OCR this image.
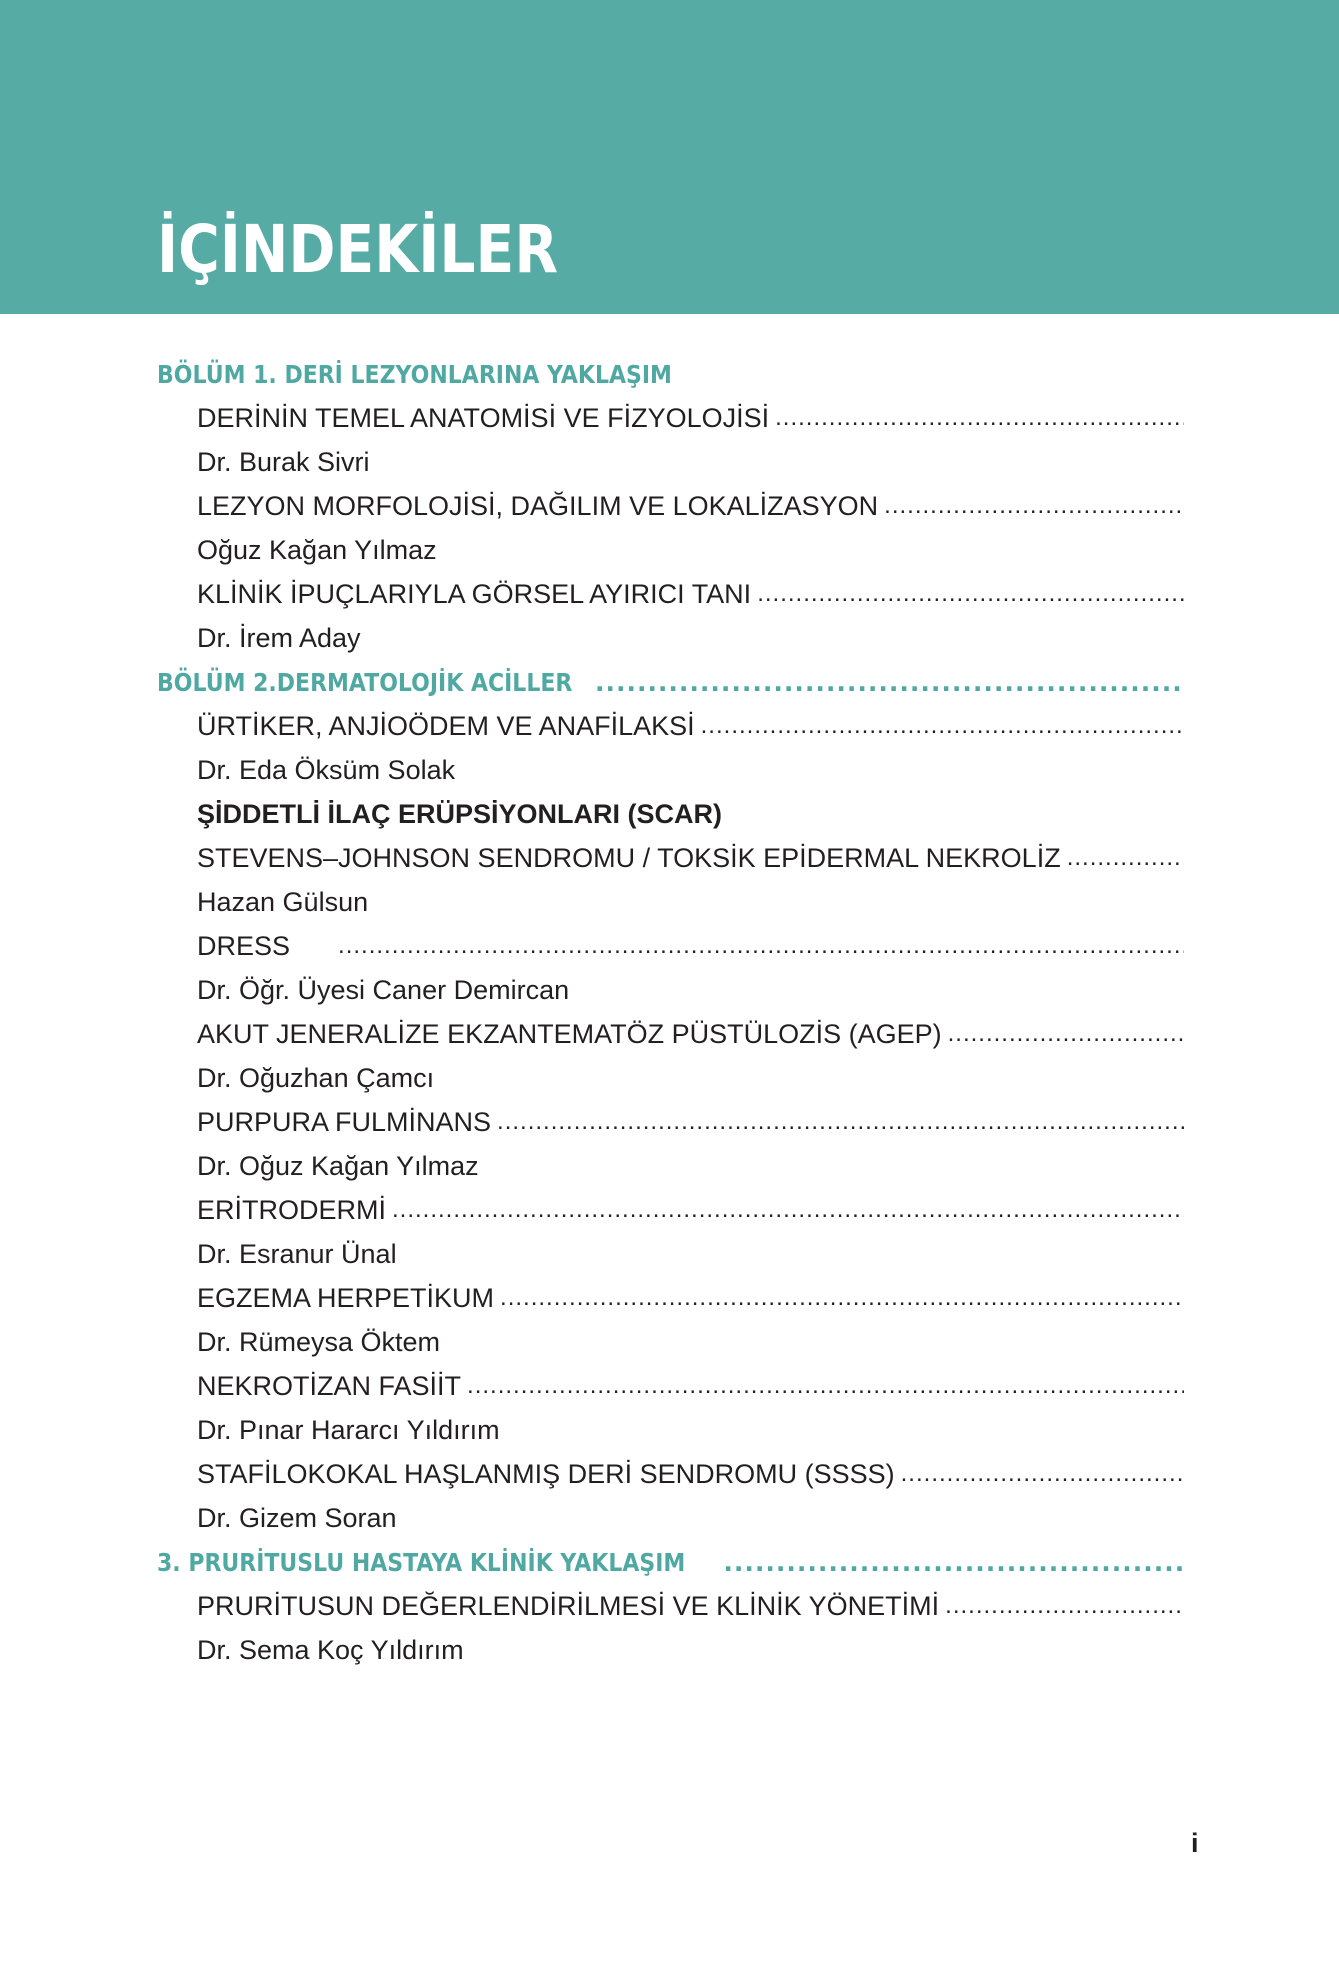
İÇİNDEKİLER
BÖLÜM 1. DERİ LEZYONLARINA YAKLAŞIM
DERİNİN TEMEL ANATOMİSİ VE FİZYOLOJİSİ
.....
Dr. Burak Sivri
LEZYON MORFOLOJİSİ, DAĞILIM VE LOKALİZASYON
.....
Oğuz Kağan Yılmaz
KLİNİK İPUÇLARIYLA GÖRSEL AYIRICI TANI
.....
Dr. İrem Aday
BÖLÜM 2.DERMATOLOJİK ACİLLER
.....
ÜRTİKER, ANJİOÖDEM VE ANAFİLAKSİ
.....
Dr. Eda Öksüm Solak
ŞİDDETLİ İLAÇ ERÜPSİYONLARI (SCAR)
STEVENS–JOHNSON SENDROMU / TOKSİK EPİDERMAL NEKROLİZ
.....
Hazan Gülsun
DRESS
.....
Dr. Öğr. Üyesi Caner Demircan
AKUT JENERALİZE EKZANTEMATÖZ PÜSTÜLOZİS (AGEP)
.....
Dr. Oğuzhan Çamcı
PURPURA FULMİNANS
.....
Dr. Oğuz Kağan Yılmaz
ERİTRODERMİ
.....
Dr. Esranur Ünal
EGZEMA HERPETİKUM
.....
Dr. Rümeysa Öktem
NEKROTİZAN FASİİT
.....
Dr. Pınar Hararcı Yıldırım
STAFİLOKOKAL HAŞLANMIŞ DERİ SENDROMU (SSSS)
.....
Dr. Gizem Soran
3. PRURİTUSLU HASTAYA KLİNİK YAKLAŞIM
.....
PRURİTUSUN DEĞERLENDİRİLMESİ VE KLİNİK YÖNETİMİ
.....
Dr. Sema Koç Yıldırım
i
